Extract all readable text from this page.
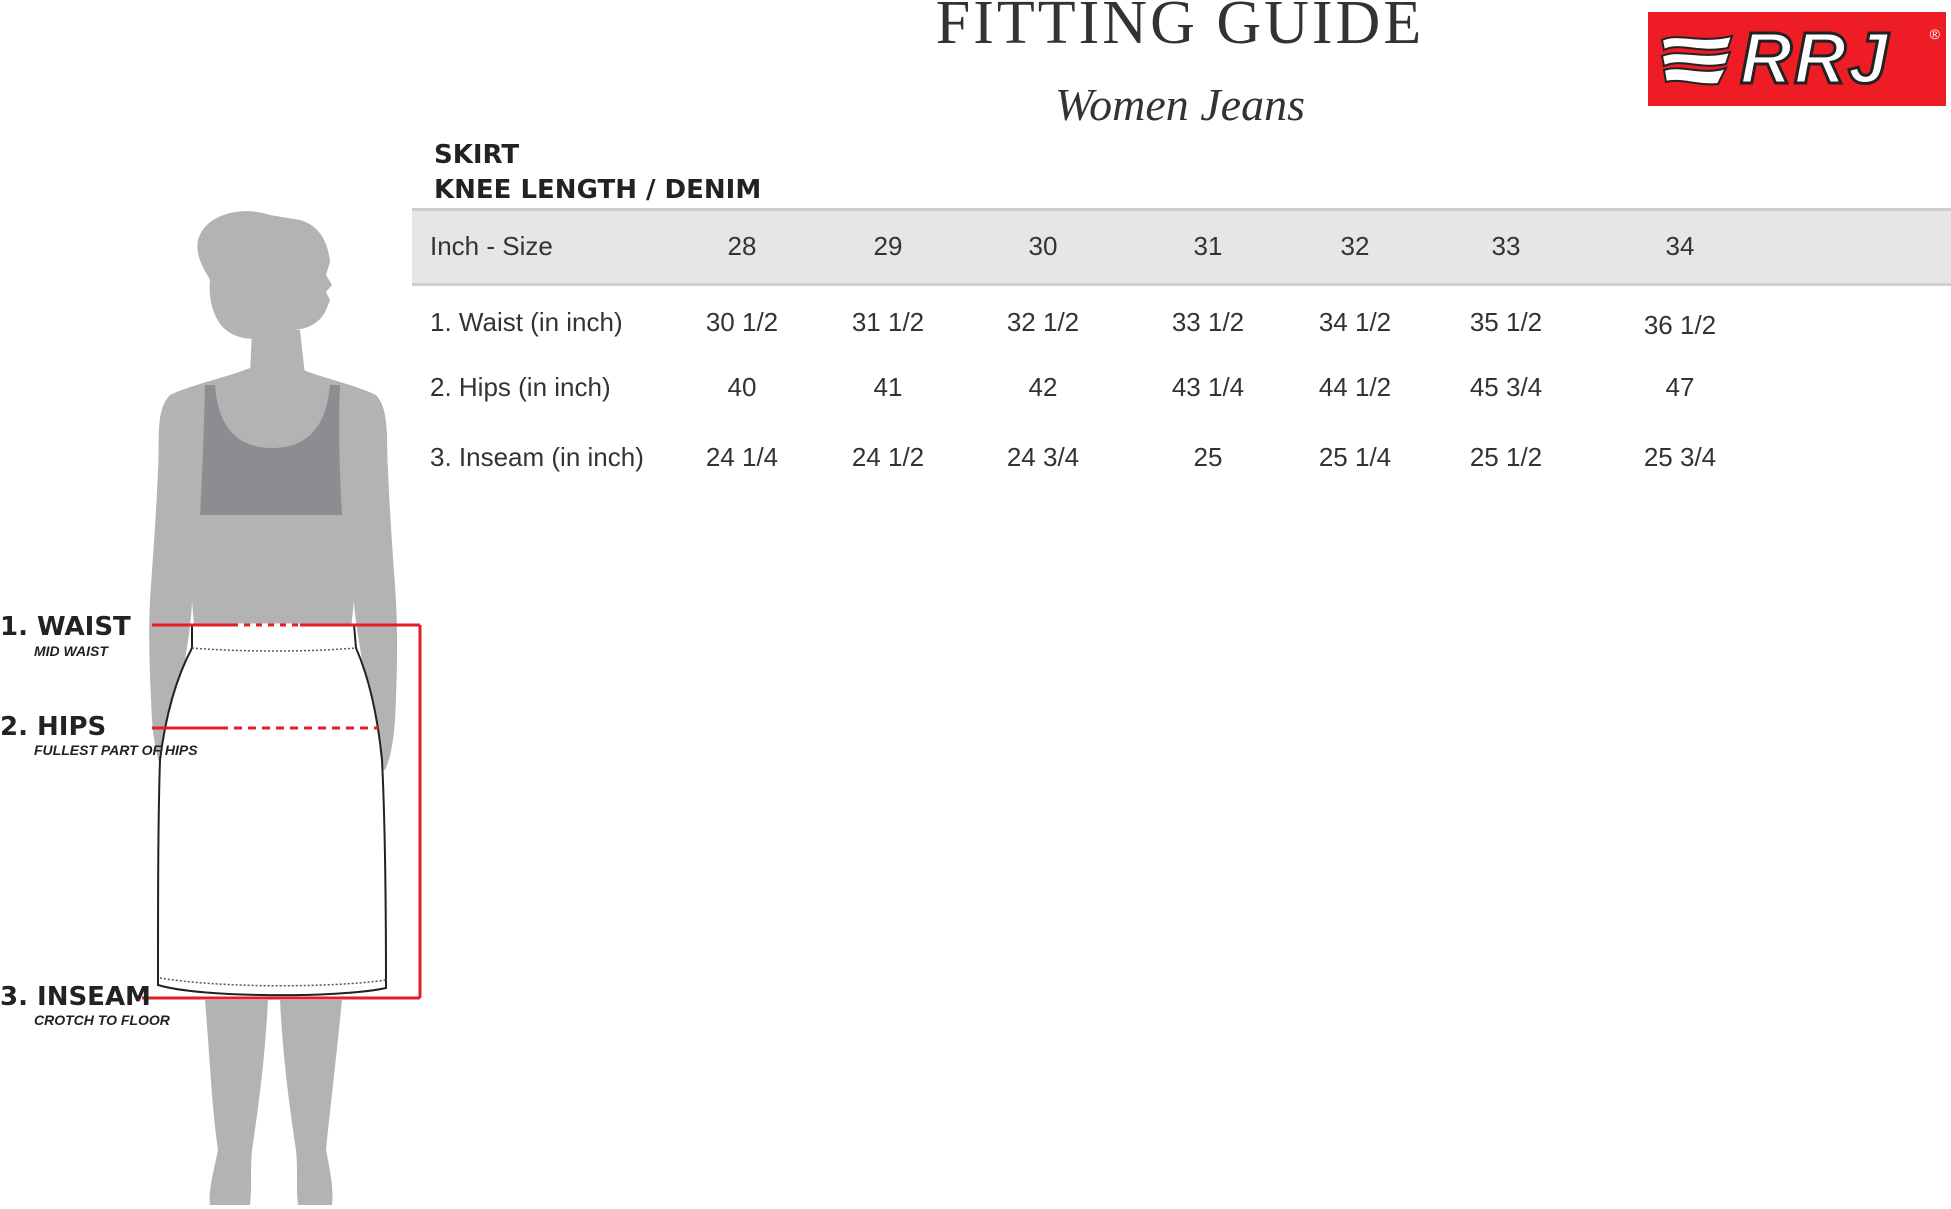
FITTING GUIDE
Women Jeans
RRJ	®
SKIRT
KNEE LENGTH / DENIM
Inch - Size	28	29	30	31	32	33	34
1. Waist (in inch)	30 1/2	31 1/2	32 1/2	33 1/2	34 1/2	35 1/2	36 1/2
2. Hips (in inch)	40	41	42	43 1/4	44 1/2	45 3/4	47
3. Inseam (in inch) 24 1/4	24 1/2	24 3/4	25	25 1/4	25 1/2	25 3/4
1. WAIST
MID WAIST
2. HIPS
FULLEST PART OF HIPS
3. INSEAM
CROTCH TO FLOOR
